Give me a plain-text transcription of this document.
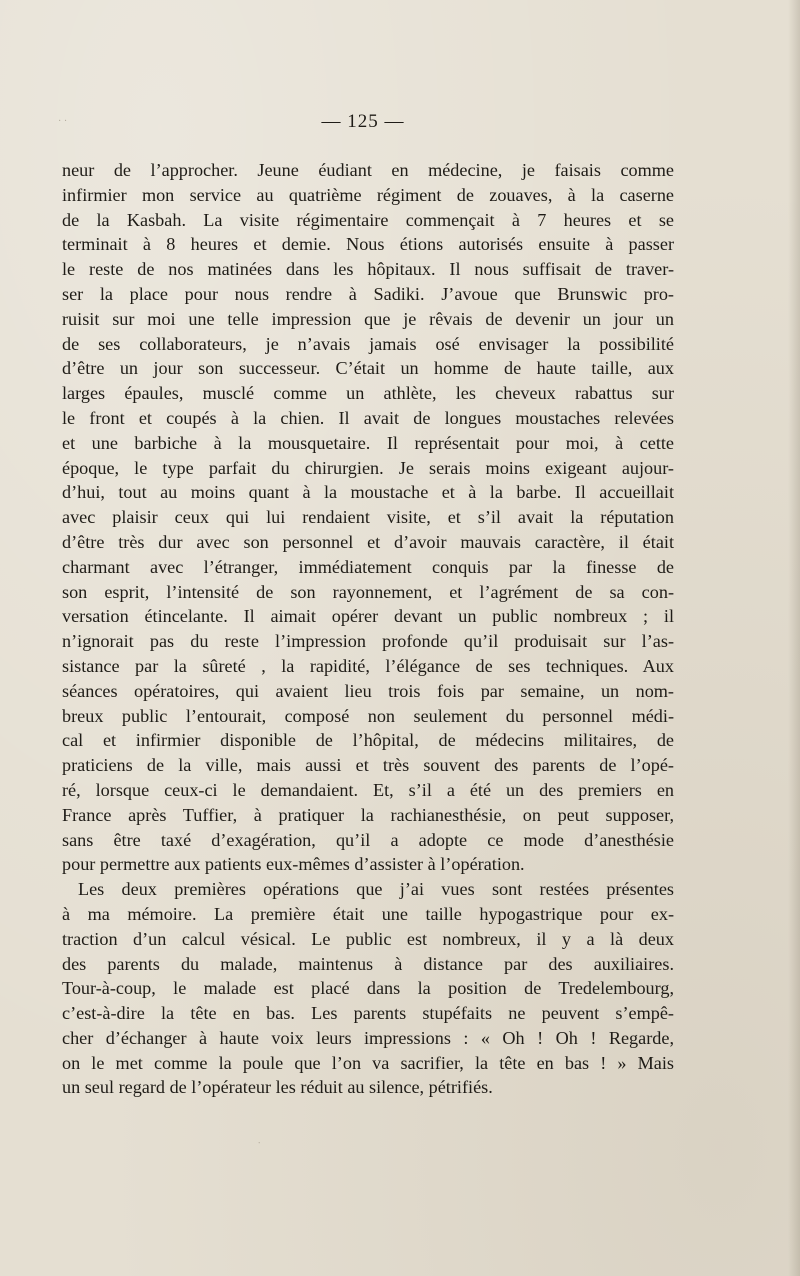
— 125 —
neur de l’approcher. Jeune éudiant en médecine, je faisais comme
infirmier mon service au quatrième régiment de zouaves, à la caserne
de la Kasbah. La visite régimentaire commençait à 7 heures et se
terminait à 8 heures et demie. Nous étions autorisés ensuite à passer
le reste de nos matinées dans les hôpitaux. Il nous suffisait de traver-
ser la place pour nous rendre à Sadiki. J’avoue que Brunswic pro-
ruisit sur moi une telle impression que je rêvais de devenir un jour un
de ses collaborateurs, je n’avais jamais osé envisager la possibilité
d’être un jour son successeur. C’était un homme de haute taille, aux
larges épaules, musclé comme un athlète, les cheveux rabattus sur
le front et coupés à la chien. Il avait de longues moustaches relevées
et une barbiche à la mousquetaire. Il représentait pour moi, à cette
époque, le type parfait du chirurgien. Je serais moins exigeant aujour-
d’hui, tout au moins quant à la moustache et à la barbe. Il accueillait
avec plaisir ceux qui lui rendaient visite, et s’il avait la réputation
d’être très dur avec son personnel et d’avoir mauvais caractère, il était
charmant avec l’étranger, immédiatement conquis par la finesse de
son esprit, l’intensité de son rayonnement, et l’agrément de sa con-
versation étincelante. Il aimait opérer devant un public nombreux ; il
n’ignorait pas du reste l’impression profonde qu’il produisait sur l’as-
sistance par la sûreté , la rapidité, l’élégance de ses techniques. Aux
séances opératoires, qui avaient lieu trois fois par semaine, un nom-
breux public l’entourait, composé non seulement du personnel médi-
cal et infirmier disponible de l’hôpital, de médecins militaires, de
praticiens de la ville, mais aussi et très souvent des parents de l’opé-
ré, lorsque ceux-ci le demandaient. Et, s’il a été un des premiers en
France après Tuffier, à pratiquer la rachianesthésie, on peut supposer,
sans être taxé d’exagération, qu’il a adopte ce mode d’anesthésie
pour permettre aux patients eux-mêmes d’assister à l’opération.
Les deux premières opérations que j’ai vues sont restées présentes
à ma mémoire. La première était une taille hypogastrique pour ex-
traction d’un calcul vésical. Le public est nombreux, il y a là deux
des parents du malade, maintenus à distance par des auxiliaires.
Tour-à-coup, le malade est placé dans la position de Tredelembourg,
c’est-à-dire la tête en bas. Les parents stupéfaits ne peuvent s’empê-
cher d’échanger à haute voix leurs impressions : « Oh ! Oh ! Regarde,
on le met comme la poule que l’on va sacrifier, la tête en bas ! » Mais
un seul regard de l’opérateur les réduit au silence, pétrifiés.
· ·
∙
